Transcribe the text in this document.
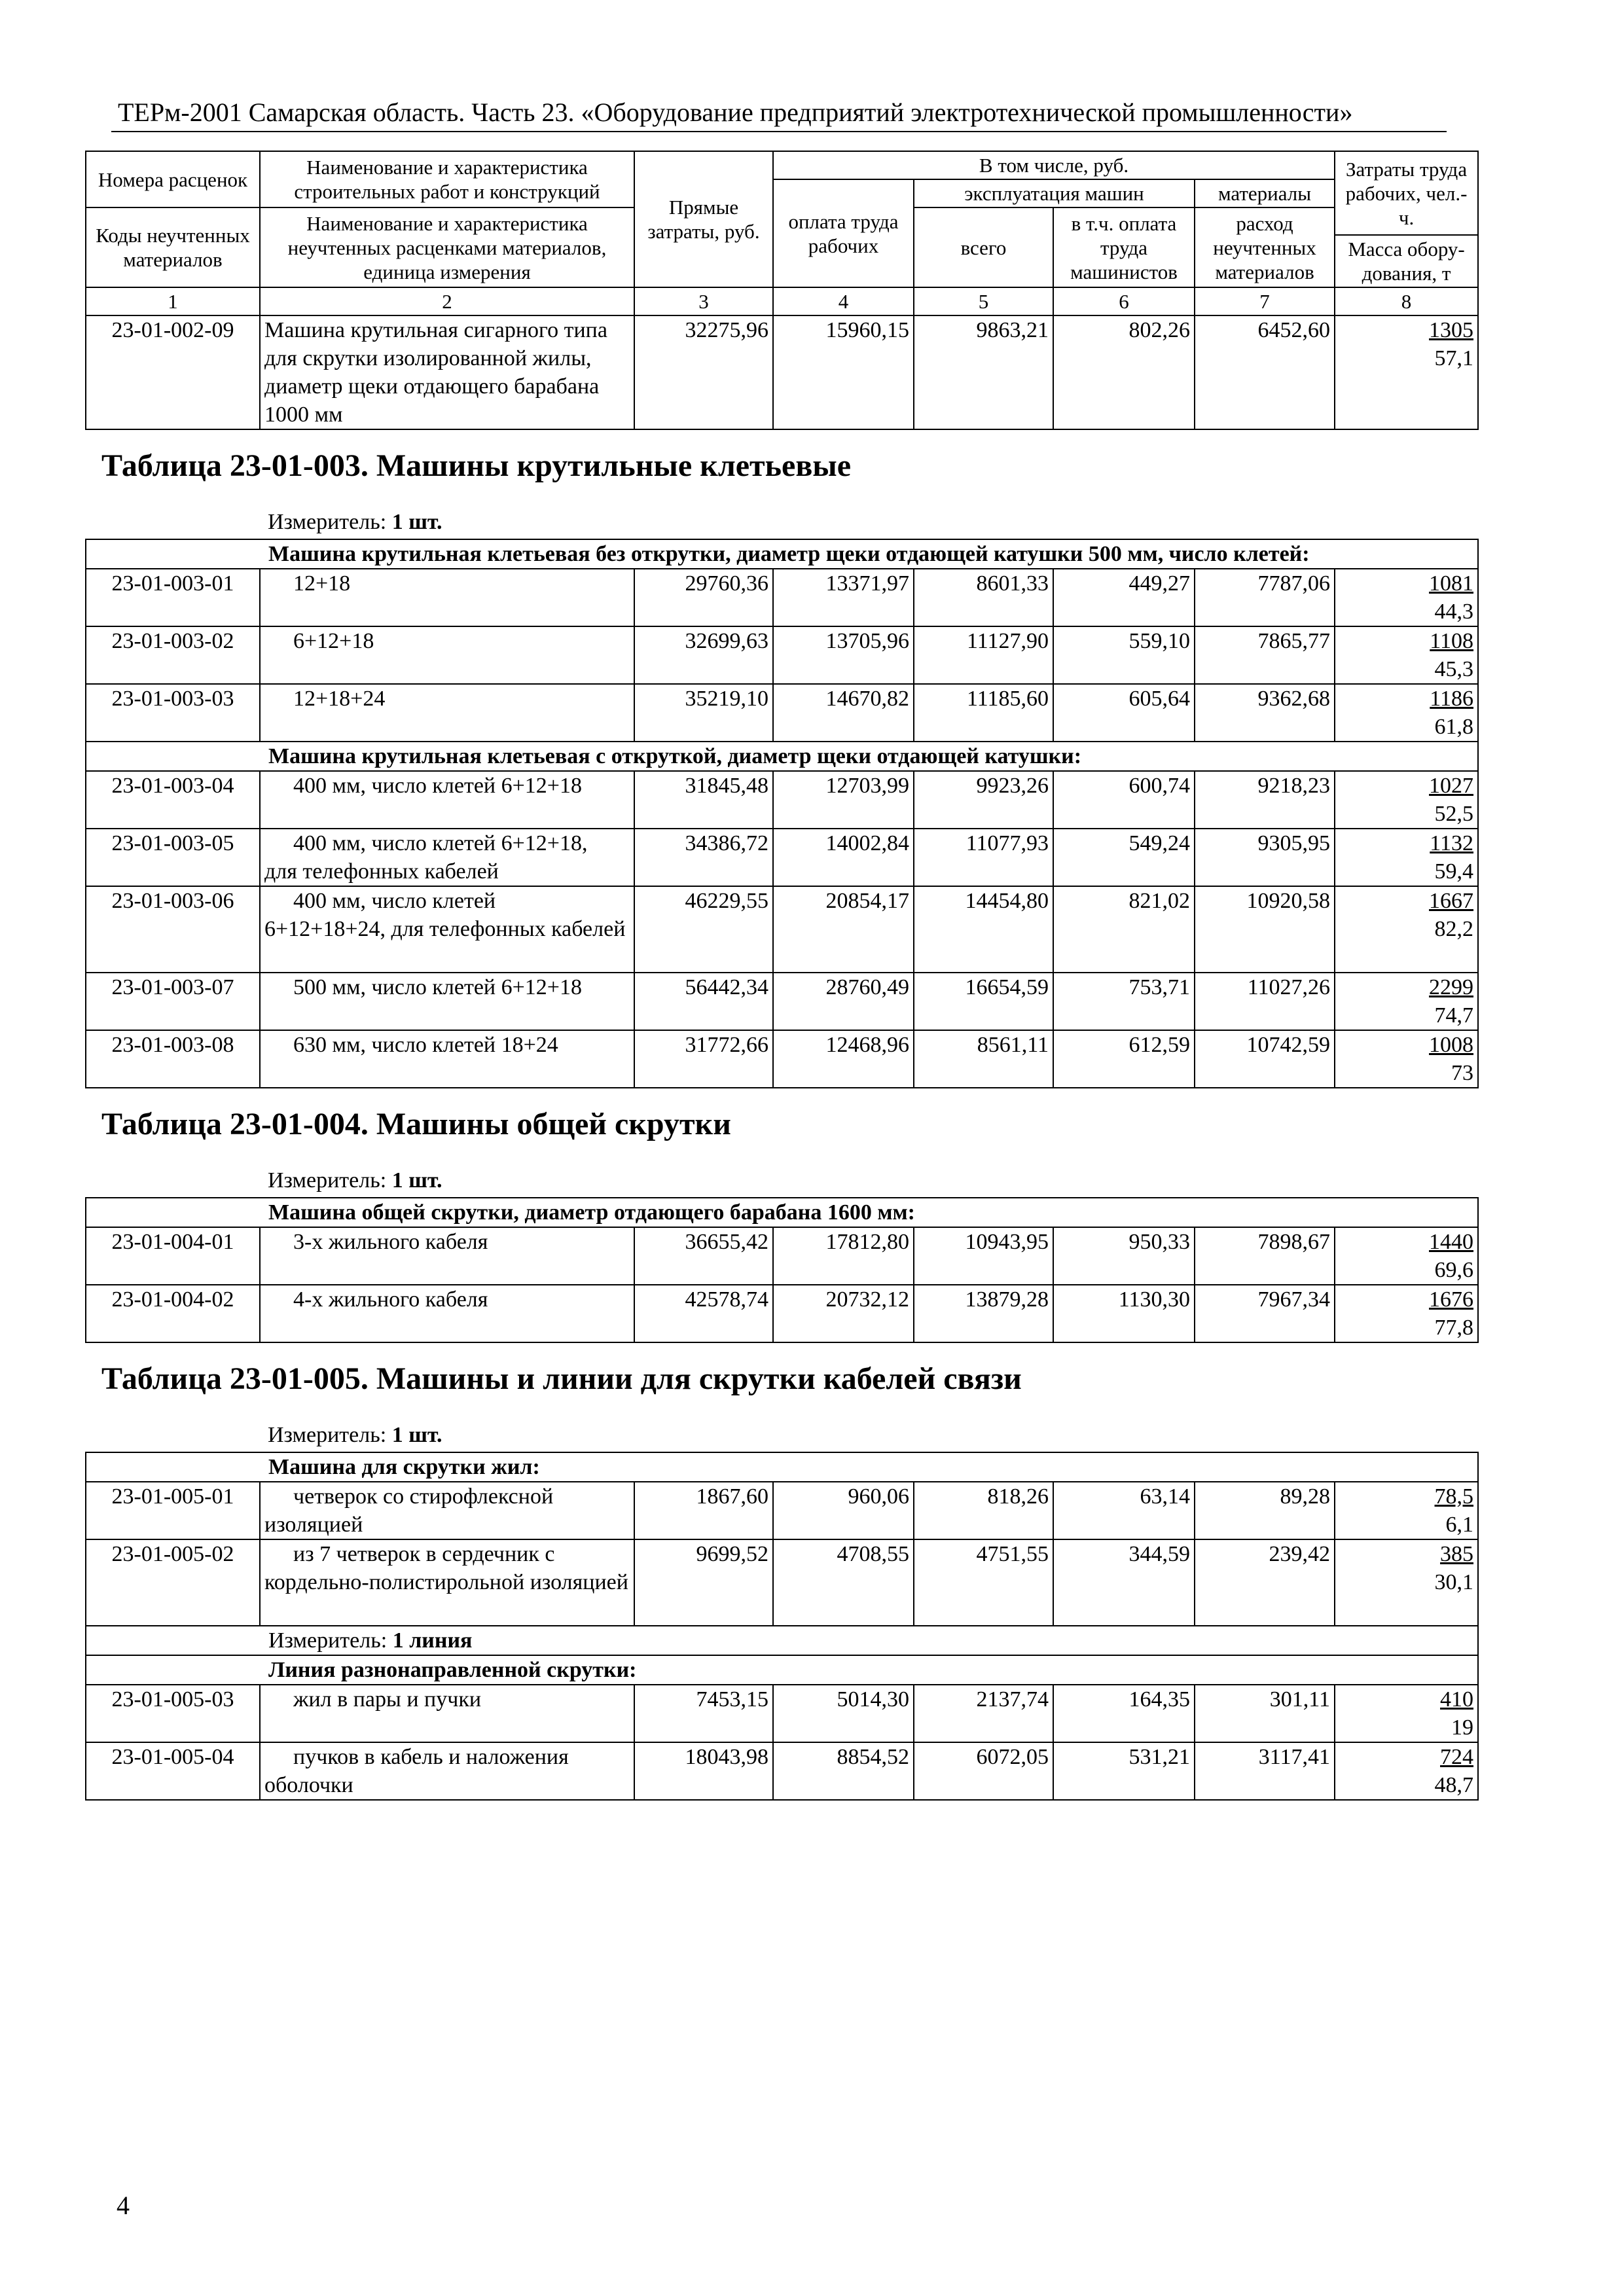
ТЕРм-2001 Самарская область. Часть 23. «Оборудование предприятий электротехнической промышленности»
Номера расценок	Наименование и характеристика строительных работ и конструкций	Прямые затраты, руб.	В том числе, руб.				Затраты труда рабочих, чел.-ч.
			оплата труда рабочих	эксплуатация машин		материалы	
Коды неучтенных материалов	Наименование и характеристика неучтенных расценками материалов, единица измерения			всего	в т.ч. оплата труда машинистов	расход неучтенных материалов	
							Масса обору-дования, т
1	2	3	4	5	6	7	8
23-01-002-09	Машина крутильная сигарного типа для скрутки изолированной жилы, диаметр щеки отдающего барабана 1000 мм	32275,96	15960,15	9863,21	802,26	6452,60	1305
57,1

Таблица 23-01-003. Машины крутильные клетьевые							
Измеритель: 1 шт.							
Машина крутильная клетьевая без открутки, диаметр щеки отдающей катушки 500 мм, число клетей:							
23-01-003-01	12+18	29760,36	13371,97	8601,33	449,27	7787,06	1081
44,3

23-01-003-02	6+12+18	32699,63	13705,96	11127,90	559,10	7865,77	1108
45,3

23-01-003-03	12+18+24	35219,10	14670,82	11185,60	605,64	9362,68	1186
61,8

Машина крутильная клетьевая с откруткой, диаметр щеки отдающей катушки:							
23-01-003-04	400 мм, число клетей 6+12+18	31845,48	12703,99	9923,26	600,74	9218,23	1027
52,5

23-01-003-05	400 мм, число клетей 6+12+18,
для телефонных кабелей	34386,72	14002,84	11077,93	549,24	9305,95	1132
59,4

23-01-003-06	400 мм, число клетей
6+12+18+24, для телефонных кабелей	46229,55	20854,17	14454,80	821,02	10920,58	1667
82,2

23-01-003-07	500 мм, число клетей 6+12+18	56442,34	28760,49	16654,59	753,71	11027,26	2299
74,7

23-01-003-08	630 мм, число клетей 18+24	31772,66	12468,96	8561,11	612,59	10742,59	1008
73

Таблица 23-01-004. Машины общей скрутки							
Измеритель: 1 шт.							
Машина общей скрутки, диаметр отдающего барабана 1600 мм:							
23-01-004-01	3-х жильного кабеля	36655,42	17812,80	10943,95	950,33	7898,67	1440
69,6

23-01-004-02	4-х жильного кабеля	42578,74	20732,12	13879,28	1130,30	7967,34	1676
77,8

Таблица 23-01-005. Машины и линии для скрутки кабелей связи							
Измеритель: 1 шт.							
Машина для скрутки жил:							
23-01-005-01	четверок со стирофлексной
изоляцией	1867,60	960,06	818,26	63,14	89,28	78,5
6,1

23-01-005-02	из 7 четверок в сердечник с
кордельно-полистирольной изоляцией	9699,52	4708,55	4751,55	344,59	239,42	385
30,1

Измеритель: 1 линия							
Линия разнонаправленной скрутки:							
23-01-005-03	жил в пары и пучки	7453,15	5014,30	2137,74	164,35	301,11	410
19

23-01-005-04	пучков в кабель и наложения
оболочки	18043,98	8854,52	6072,05	531,21	3117,41	724
48,7
4
